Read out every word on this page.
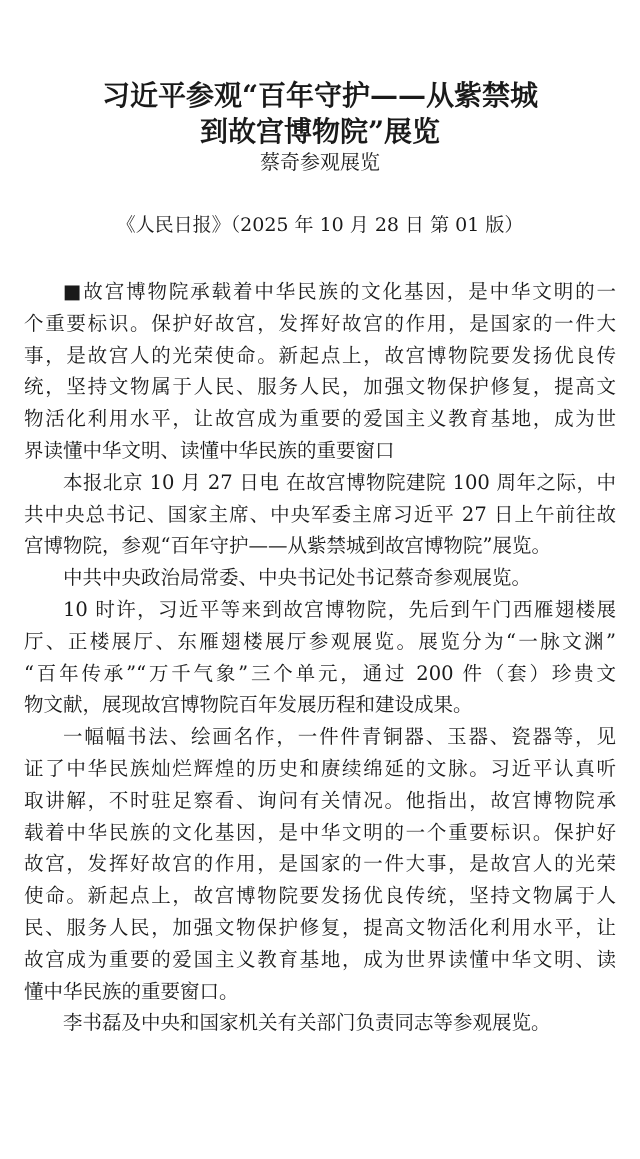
习近平参观“百年守护——从紫禁城
到故宫博物院”展览
蔡奇参观展览
《人民日报》（2025 年 10 月 28 日 第 01 版）
■故宫博物院承载着中华民族的文化基因，是中华文明的一
个重要标识。保护好故宫，发挥好故宫的作用，是国家的一件大
事，是故宫人的光荣使命。新起点上，故宫博物院要发扬优良传
统，坚持文物属于人民、服务人民，加强文物保护修复，提高文
物活化利用水平，让故宫成为重要的爱国主义教育基地，成为世
界读懂中华文明、读懂中华民族的重要窗口
本报北京 10 月 27 日电 在故宫博物院建院 100 周年之际，中
共中央总书记、国家主席、中央军委主席习近平 27 日上午前往故
宫博物院，参观“百年守护——从紫禁城到故宫博物院”展览。
中共中央政治局常委、中央书记处书记蔡奇参观展览。
10 时许，习近平等来到故宫博物院，先后到午门西雁翅楼展
厅、正楼展厅、东雁翅楼展厅参观展览。展览分为“一脉文渊”
“百年传承”“万千气象”三个单元，通过 200 件（套）珍贵文
物文献，展现故宫博物院百年发展历程和建设成果。
一幅幅书法、绘画名作，一件件青铜器、玉器、瓷器等，见
证了中华民族灿烂辉煌的历史和赓续绵延的文脉。习近平认真听
取讲解，不时驻足察看、询问有关情况。他指出，故宫博物院承
载着中华民族的文化基因，是中华文明的一个重要标识。保护好
故宫，发挥好故宫的作用，是国家的一件大事，是故宫人的光荣
使命。新起点上，故宫博物院要发扬优良传统，坚持文物属于人
民、服务人民，加强文物保护修复，提高文物活化利用水平，让
故宫成为重要的爱国主义教育基地，成为世界读懂中华文明、读
懂中华民族的重要窗口。
李书磊及中央和国家机关有关部门负责同志等参观展览。
